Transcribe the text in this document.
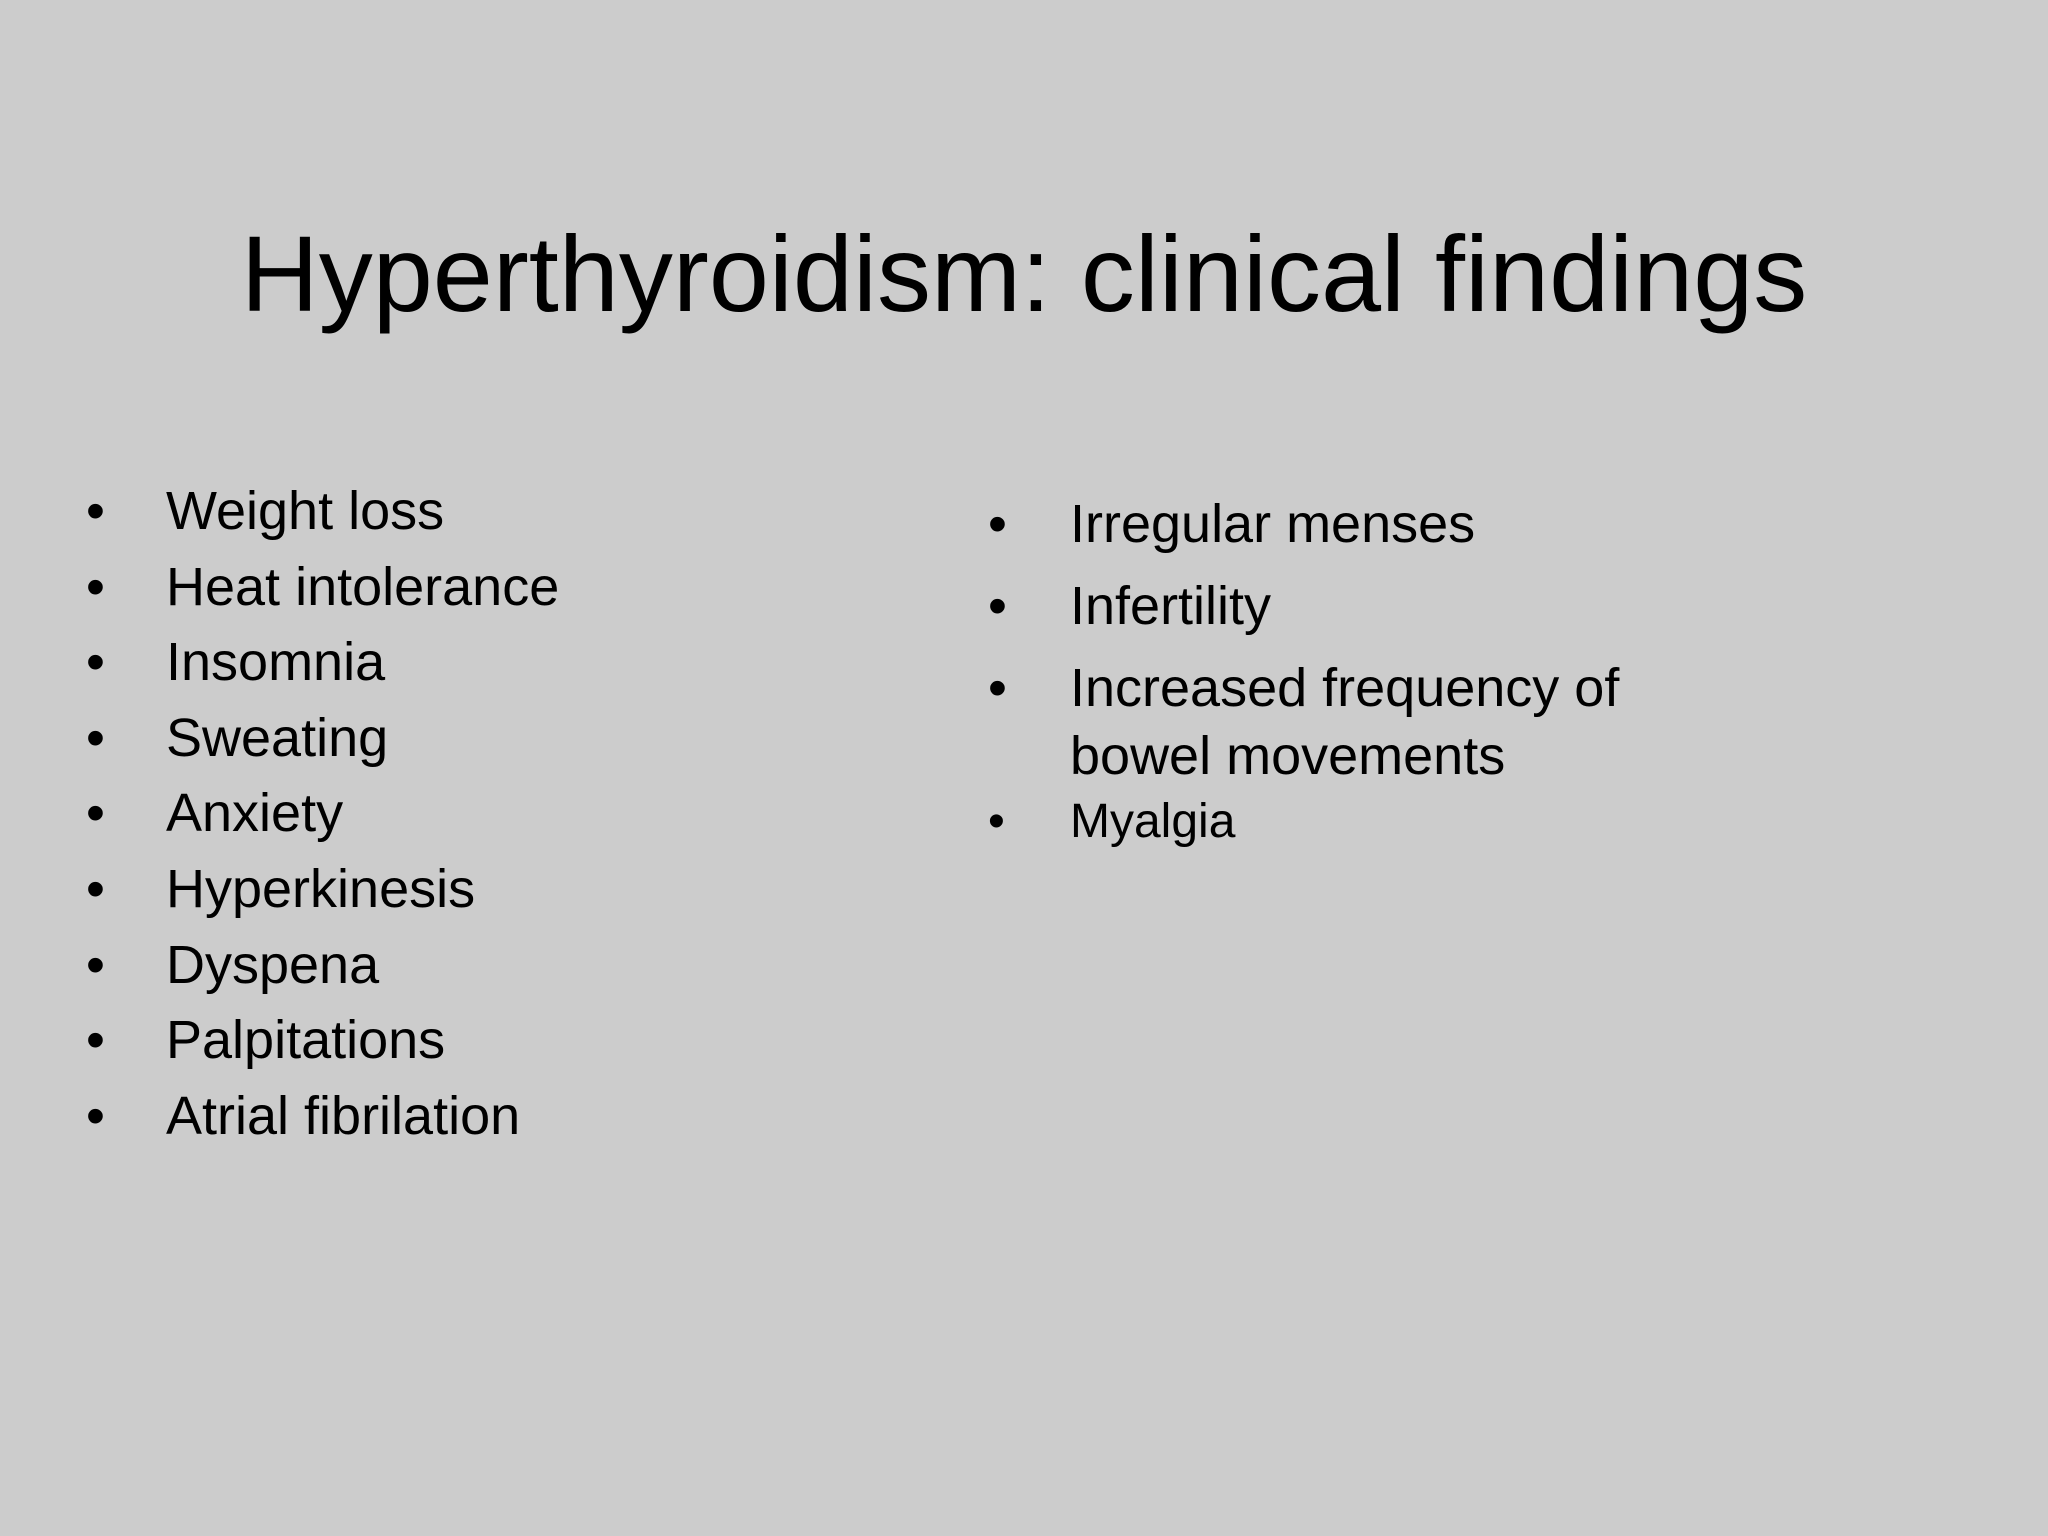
Hyperthyroidism: clinical findings
• Weight loss
• Heat intolerance
• Insomnia
• Sweating
• Anxiety
• Hyperkinesis
• Dyspena
• Palpitations
• Atrial fibrilation
• Irregular menses
• Infertility
• Increased frequency of bowel movements
• Myalgia
